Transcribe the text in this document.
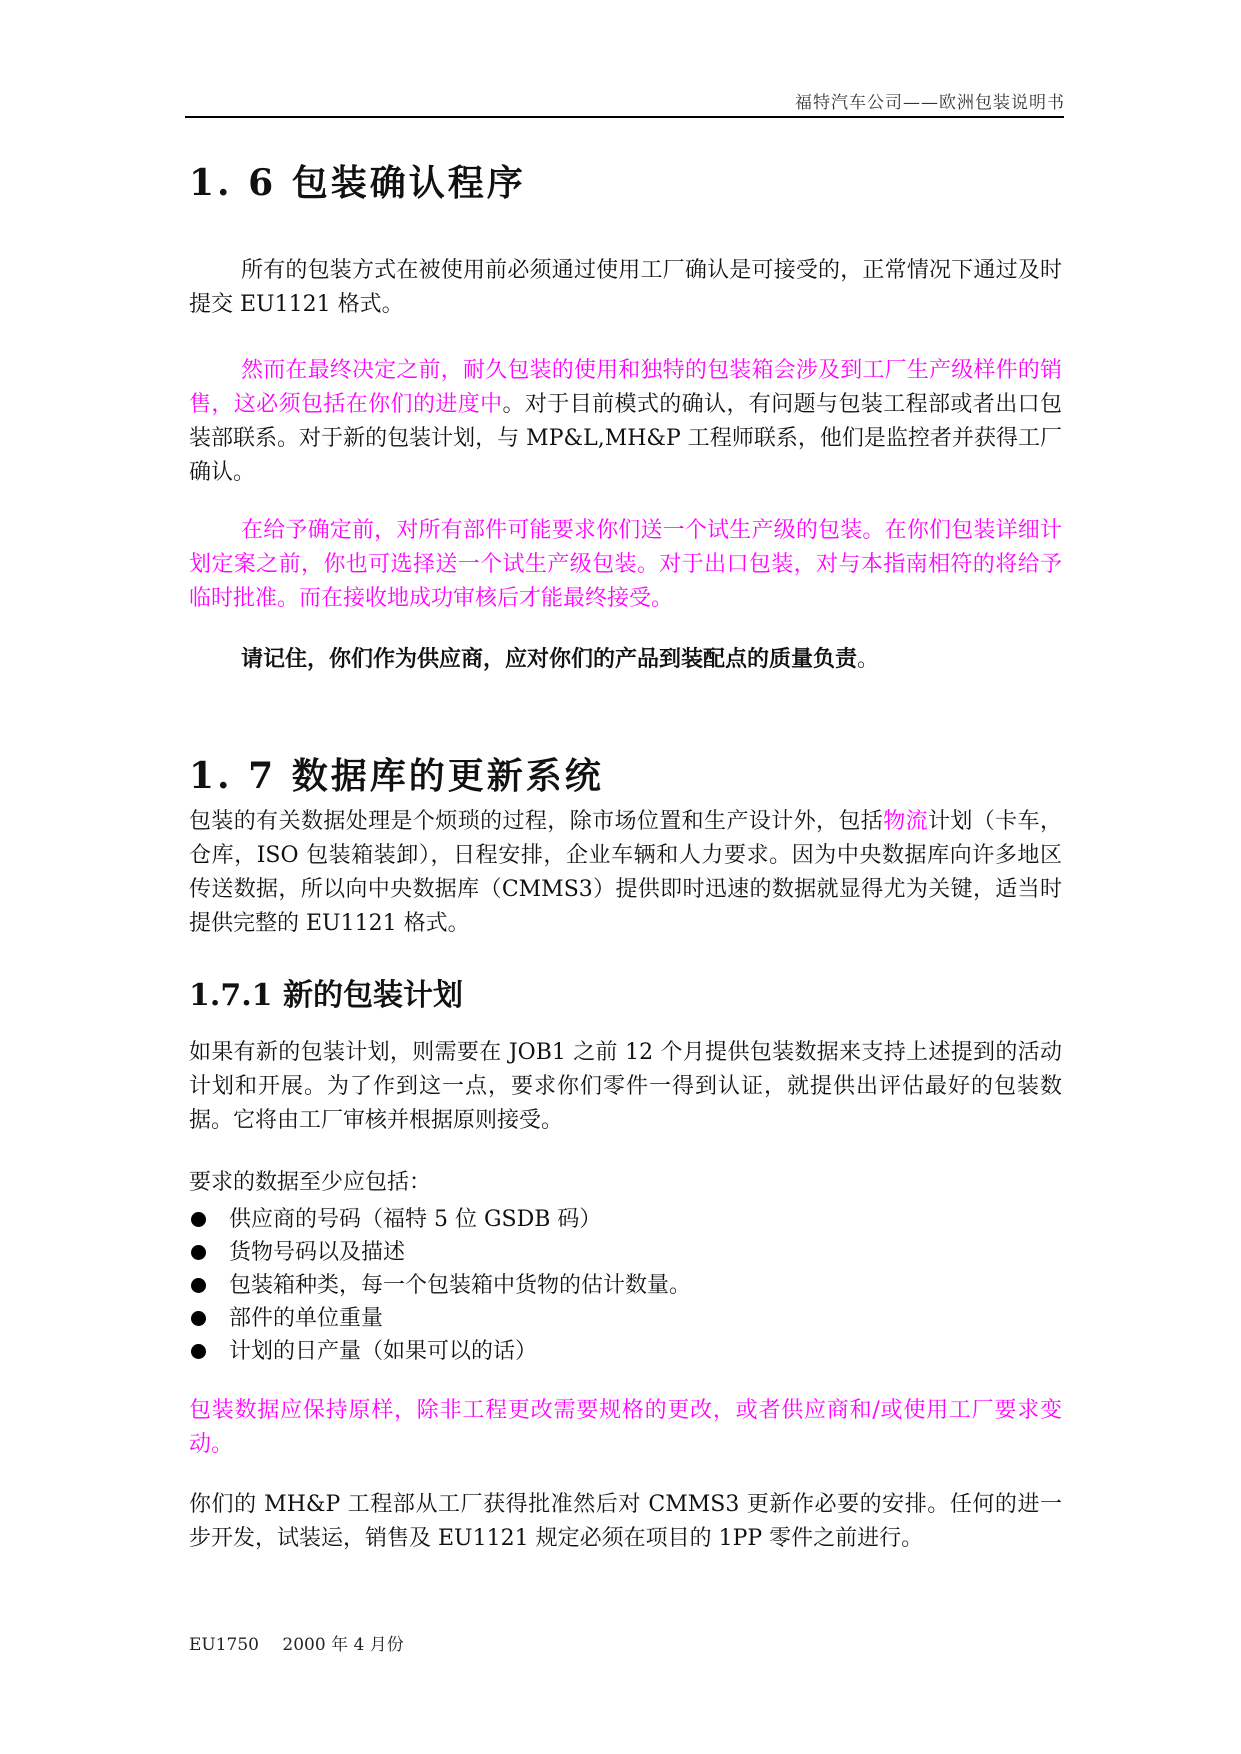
福特汽车公司——欧洲包装说明书
1. 6 包装确认程序

所有的包装方式在被使用前必须通过使用工厂确认是可接受的，正常情况下通过及时提交 EU1121 格式。

然而在最终决定之前，耐久包装的使用和独特的包装箱会涉及到工厂生产级样件的销售，这必须包括在你们的进度中。对于目前模式的确认，有问题与包装工程部或者出口包装部联系。对于新的包装计划，与 MP&L,MH&P 工程师联系，他们是监控者并获得工厂确认。

在给予确定前，对所有部件可能要求你们送一个试生产级的包装。在你们包装详细计划定案之前，你也可选择送一个试生产级包装。对于出口包装，对与本指南相符的将给予临时批准。而在接收地成功审核后才能最终接受。

请记住，你们作为供应商，应对你们的产品到装配点的质量负责。

1. 7 数据库的更新系统

包装的有关数据处理是个烦琐的过程，除市场位置和生产设计外，包括物流计划（卡车，仓库，ISO 包装箱装卸），日程安排，企业车辆和人力要求。因为中央数据库向许多地区传送数据，所以向中央数据库（CMMS3）提供即时迅速的数据就显得尤为关键，适当时提供完整的 EU1121 格式。

1.7.1 新的包装计划

如果有新的包装计划，则需要在 JOB1 之前 12 个月提供包装数据来支持上述提到的活动计划和开展。为了作到这一点，要求你们零件一得到认证，就提供出评估最好的包装数据。它将由工厂审核并根据原则接受。

要求的数据至少应包括：

供应商的号码（福特 5 位 GSDB 码）
货物号码以及描述
包装箱种类，每一个包装箱中货物的估计数量。
部件的单位重量
计划的日产量（如果可以的话）

包装数据应保持原样，除非工程更改需要规格的更改，或者供应商和/或使用工厂要求变动。

你们的 MH&P 工程部从工厂获得批准然后对 CMMS3 更新作必要的安排。任何的进一步开发，试装运，销售及 EU1121 规定必须在项目的 1PP 零件之前进行。

EU1750 2000 年 4 月份
